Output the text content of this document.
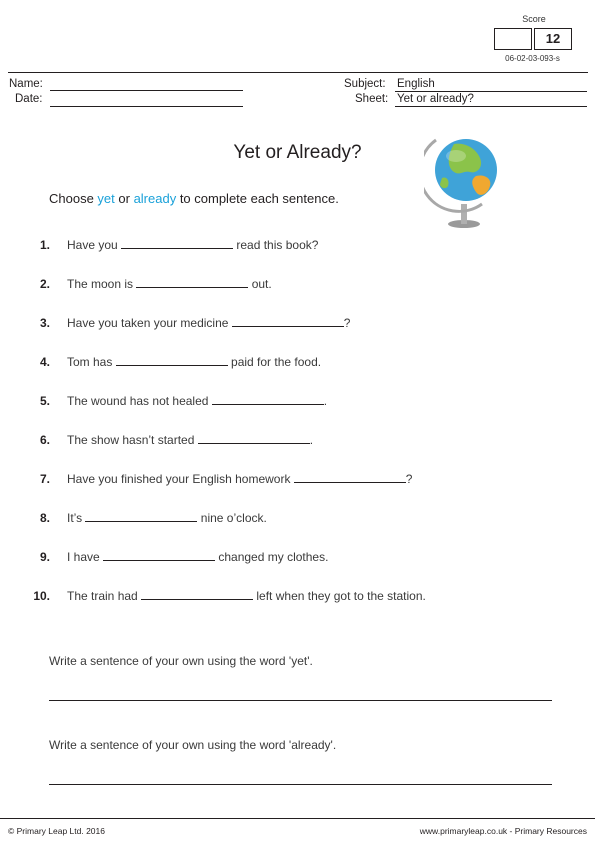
Score
12
06-02-03-093-s
Name:
Date:
Subject: English
Sheet: Yet or already?
Yet or Already?
Choose yet or already to complete each sentence.
1. Have you	read this book?
2. The moon is	out.
3. Have you taken your medicine	?
4. Tom has	paid for the food.
5. The wound has not healed	.
6. The show hasn’t started	.
7. Have you finished your English homework	?
8. It’s	nine o’clock.
9. I have	changed my clothes.
10. The train had	left when they got to the station.
Write a sentence of your own using the word 'yet'.
Write a sentence of your own using the word 'already'.
© Primary Leap Ltd. 2016	www.primaryleap.co.uk - Primary Resources
